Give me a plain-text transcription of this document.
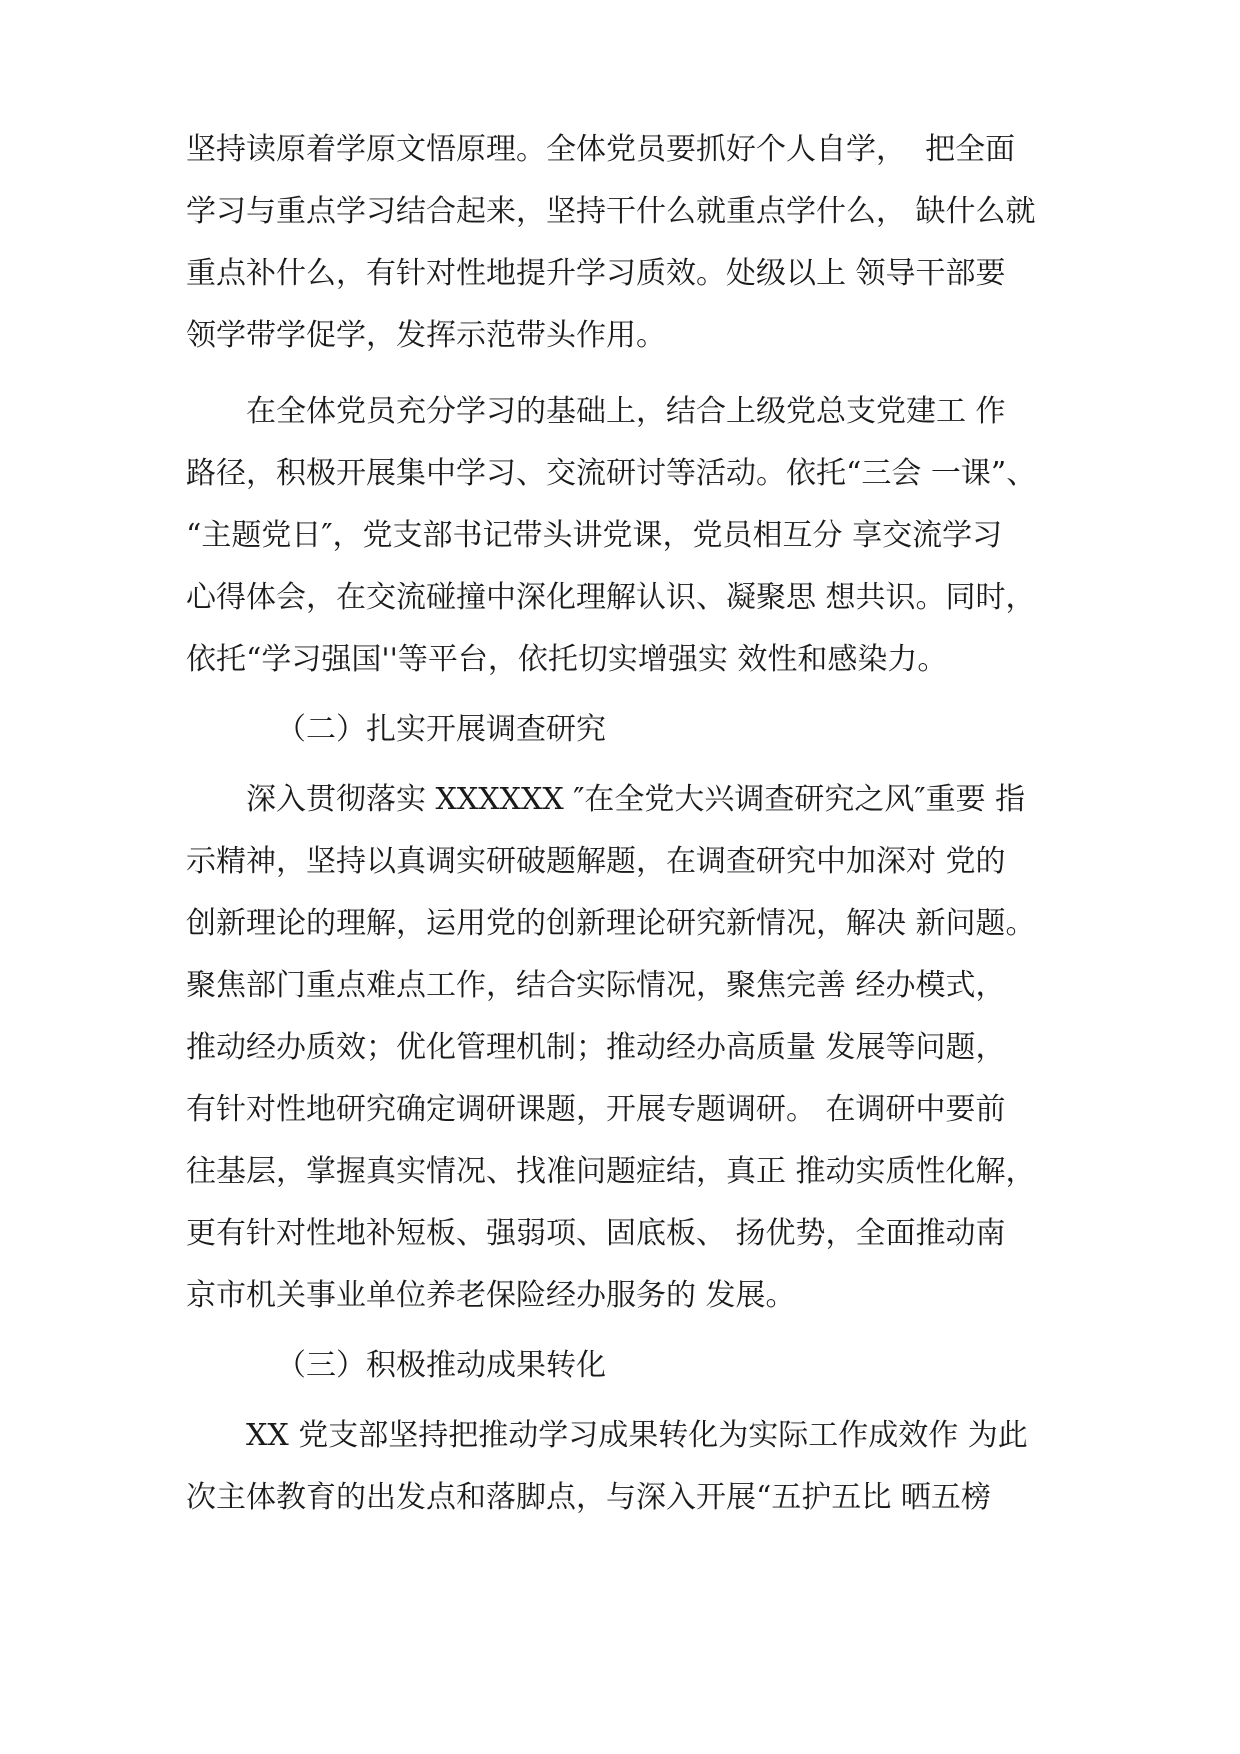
坚持读原着学原文悟原理。全体党员要抓好个人自学，  把全面
学习与重点学习结合起来，坚持干什么就重点学什么， 缺什么就
重点补什么，有针对性地提升学习质效。处级以上 领导干部要
领学带学促学，发挥示范带头作用。
在全体党员充分学习的基础上，结合上级党总支党建工 作
路径，积极开展集中学习、交流研讨等活动。依托“三会 一课”、
“主题党日″，党支部书记带头讲党课，党员相互分 享交流学习
心得体会，在交流碰撞中深化理解认识、凝聚思 想共识。同时，
依托“学习强国''等平台，依托切实增强实 效性和感染力。
（二）扎实开展调查研究
深入贯彻落实 XXXXXX ″在全党大兴调查研究之风″重要 指
示精神，坚持以真调实研破题解题，在调查研究中加深对 党的
创新理论的理解，运用党的创新理论研究新情况，解决 新问题。
聚焦部门重点难点工作，结合实际情况，聚焦完善 经办模式，
推动经办质效；优化管理机制；推动经办高质量 发展等问题，
有针对性地研究确定调研课题，开展专题调研。 在调研中要前
往基层，掌握真实情况、找准问题症结，真正 推动实质性化解，
更有针对性地补短板、强弱项、固底板、 扬优势，全面推动南
京市机关事业单位养老保险经办服务的 发展。
（三）积极推动成果转化
XX 党支部坚持把推动学习成果转化为实际工作成效作 为此
次主体教育的出发点和落脚点，与深入开展“五护五比 晒五榜
